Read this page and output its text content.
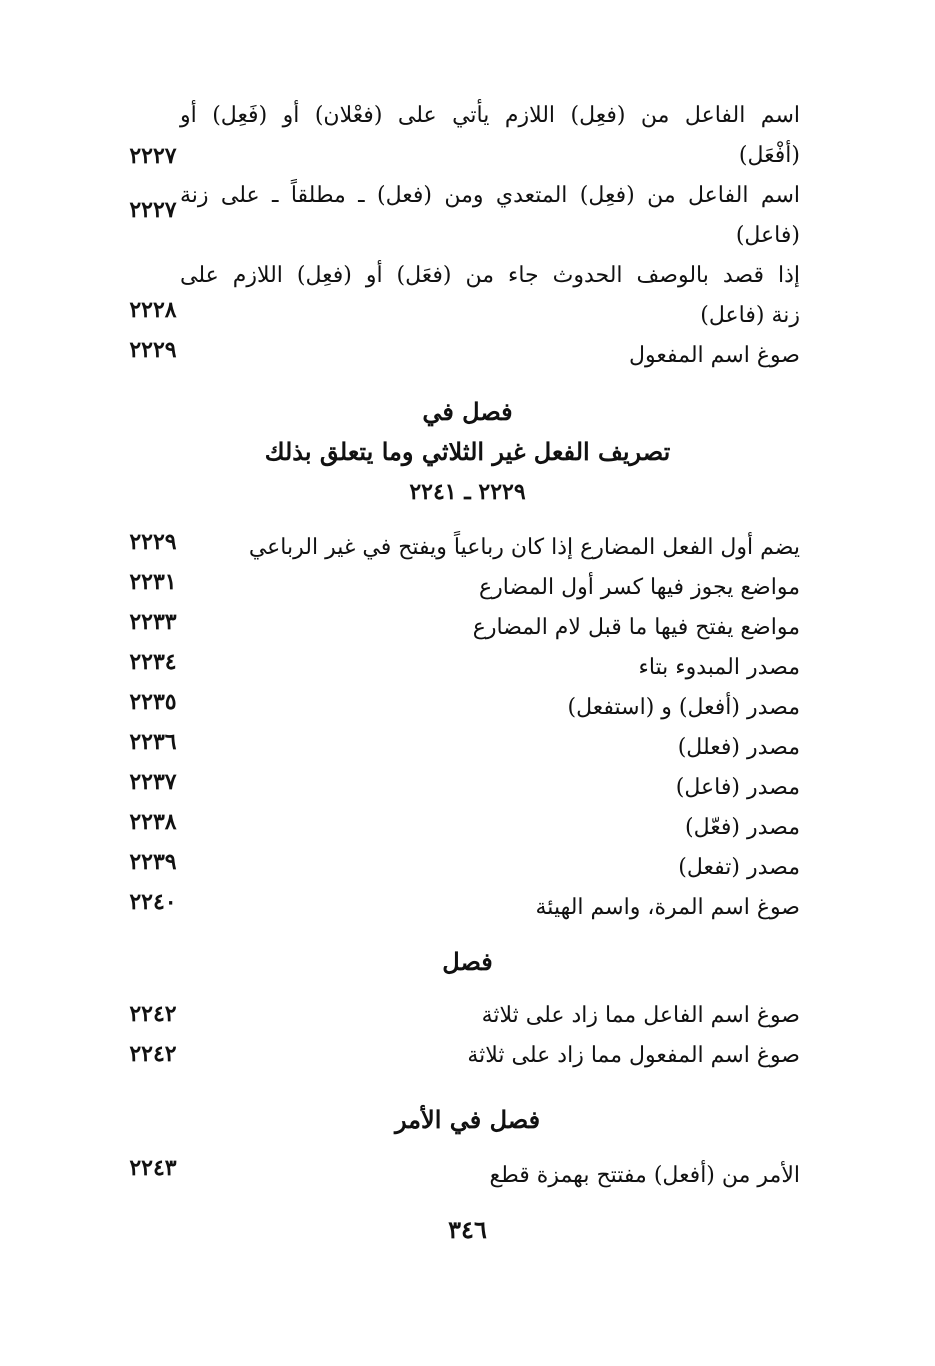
اسم الفاعل من (فعِل) اللازم يأتي على (فعْلان) أو (فَعِل) أو
(أفْعَل)
٢٢٢٧
اسم الفاعل من (فعِل) المتعدي ومن (فعل) ـ مطلقاً ـ على زنة
(فاعل)
٢٢٢٧
إذا قصد بالوصف الحدوث جاء من (فعَل) أو (فعِل) اللازم على
زنة (فاعل)
٢٢٢٨
صوغ اسم المفعول
٢٢٢٩
فصل في
تصريف الفعل غير الثلاثي وما يتعلق بذلك
٢٢٢٩ ـ ٢٢٤١
يضم أول الفعل المضارع إذا كان رباعياً ويفتح في غير الرباعي
٢٢٢٩
مواضع يجوز فيها كسر أول المضارع
٢٢٣١
مواضع يفتح فيها ما قبل لام المضارع
٢٢٣٣
مصدر المبدوء بتاء
٢٢٣٤
مصدر (أفعل) و (استفعل)
٢٢٣٥
مصدر (فعلل)
٢٢٣٦
مصدر (فاعل)
٢٢٣٧
مصدر (فعّل)
٢٢٣٨
مصدر (تفعل)
٢٢٣٩
صوغ اسم المرة، واسم الهيئة
٢٢٤٠
فصل
صوغ اسم الفاعل مما زاد على ثلاثة
٢٢٤٢
صوغ اسم المفعول مما زاد على ثلاثة
٢٢٤٢
فصل في الأمر
الأمر من (أفعل) مفتتح بهمزة قطع
٢٢٤٣
٣٤٦
